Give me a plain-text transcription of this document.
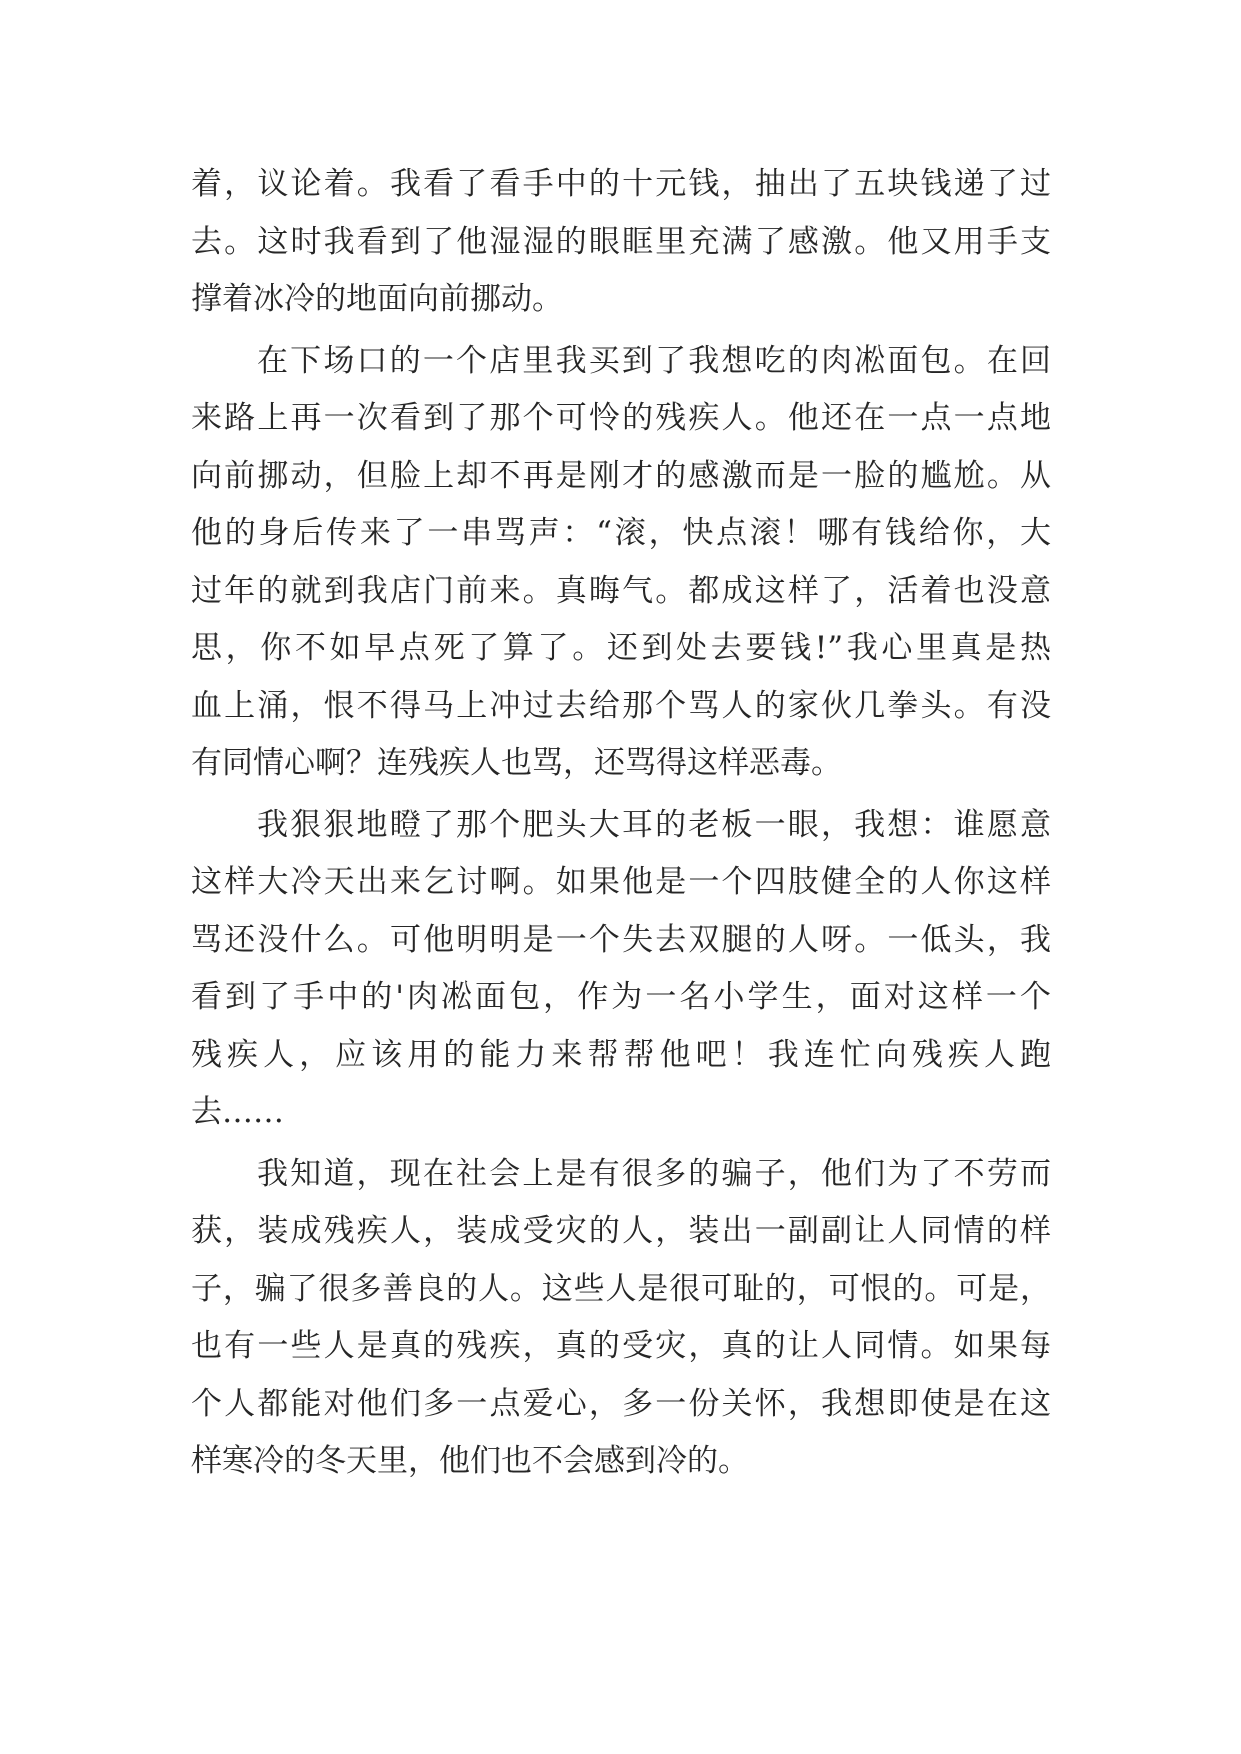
着，议论着。我看了看手中的十元钱，抽出了五块钱递了过
去。这时我看到了他湿湿的眼眶里充满了感激。他又用手支
撑着冰冷的地面向前挪动。
在下场口的一个店里我买到了我想吃的肉凇面包。在回
来路上再一次看到了那个可怜的残疾人。他还在一点一点地
向前挪动，但脸上却不再是刚才的感激而是一脸的尴尬。从
他的身后传来了一串骂声：“滚，快点滚！哪有钱给你，大
过年的就到我店门前来。真晦气。都成这样了，活着也没意
思，你不如早点死了算了。还到处去要钱!”我心里真是热
血上涌，恨不得马上冲过去给那个骂人的家伙几拳头。有没
有同情心啊？连残疾人也骂，还骂得这样恶毒。
我狠狠地瞪了那个肥头大耳的老板一眼，我想：谁愿意
这样大冷天出来乞讨啊。如果他是一个四肢健全的人你这样
骂还没什么。可他明明是一个失去双腿的人呀。一低头，我
看到了手中的'肉凇面包，作为一名小学生，面对这样一个
残疾人，应该用的能力来帮帮他吧！我连忙向残疾人跑
去……
我知道，现在社会上是有很多的骗子，他们为了不劳而
获，装成残疾人，装成受灾的人，装出一副副让人同情的样
子，骗了很多善良的人。这些人是很可耻的，可恨的。可是，
也有一些人是真的残疾，真的受灾，真的让人同情。如果每
个人都能对他们多一点爱心，多一份关怀，我想即使是在这
样寒冷的冬天里，他们也不会感到冷的。
